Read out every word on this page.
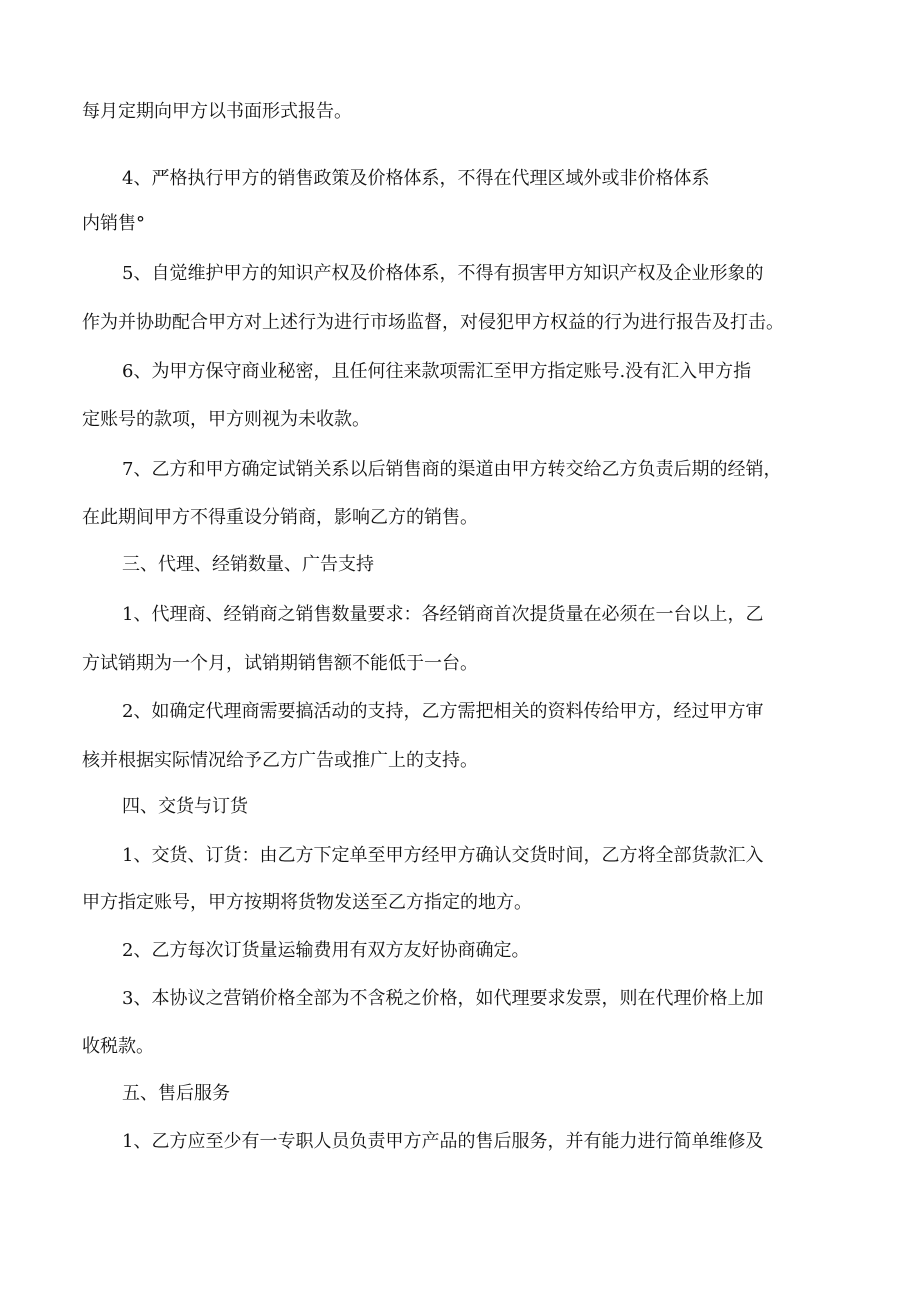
每月定期向甲方以书面形式报告。
4、严格执行甲方的销售政策及价格体系，不得在代理区域外或非价格体系
内销售°
5、自觉维护甲方的知识产权及价格体系，不得有损害甲方知识产权及企业形象的
作为并协助配合甲方对上述行为进行市场监督，对侵犯甲方权益的行为进行报告及打击。
6、为甲方保守商业秘密，且任何往来款项需汇至甲方指定账号.没有汇入甲方指
定账号的款项，甲方则视为未收款。
7、乙方和甲方确定试销关系以后销售商的渠道由甲方转交给乙方负责后期的经销，
在此期间甲方不得重设分销商，影响乙方的销售。
三、代理、经销数量、广告支持
1、代理商、经销商之销售数量要求：各经销商首次提货量在必须在一台以上，乙
方试销期为一个月，试销期销售额不能低于一台。
2、如确定代理商需要搞活动的支持，乙方需把相关的资料传给甲方，经过甲方审
核并根据实际情况给予乙方广告或推广上的支持。
四、交货与订货
1、交货、订货：由乙方下定单至甲方经甲方确认交货时间，乙方将全部货款汇入
甲方指定账号，甲方按期将货物发送至乙方指定的地方。
2、乙方每次订货量运输费用有双方友好协商确定。
3、本协议之营销价格全部为不含税之价格，如代理要求发票，则在代理价格上加
收税款。
五、售后服务
1、乙方应至少有一专职人员负责甲方产品的售后服务，并有能力进行简单维修及
